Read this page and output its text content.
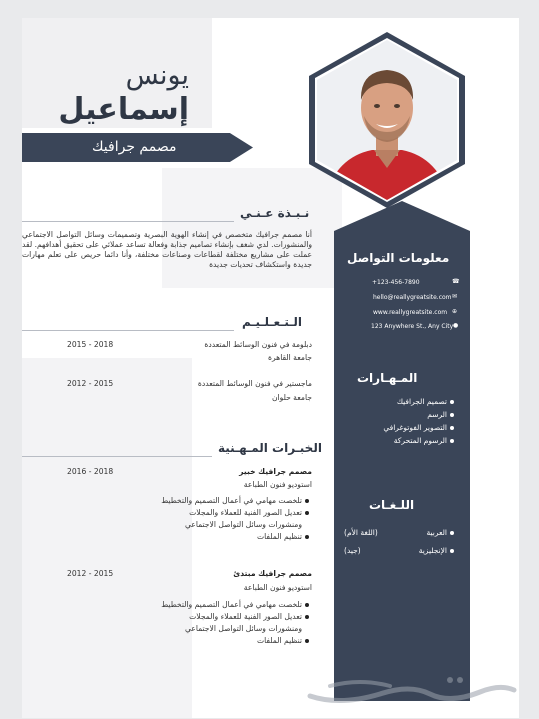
يونس
إسماعيل
مصمم جرافيك
معلومات التواصل
+123-456-7890	☎
hello@reallygreatsite.com ✉
www.reallygreatsite.com ⊕
123 Anywhere St., Any City ●
المـهـارات
تصميم الجرافيك
الرسم
التصوير الفوتوغرافي
الرسوم المتحركة
اللـغـات
العربية
(اللغة الأم)
الإنجليزية
(جيد)
نـبـذة عـنـي
أنا مصمم جرافيك متخصص في إنشاء الهوية البصرية وتصميمات وسائل التواصل الاجتماعي والمنشورات. لدي شغف بإنشاء تصاميم جذابة وفعالة تساعد عملائي على تحقيق أهدافهم. لقد عملت على مشاريع مختلفة لقطاعات وصناعات مختلفة، وأنا دائما حريص على تعلم مهارات جديدة واستكشاف تحديات جديدة
الـتـعـلـيـم
دبلومة في فنون الوسائط المتعددة
جامعة القاهرة
2015 - 2018
ماجستير في فنون الوسائط المتعددة
جامعة حلوان
2012 - 2015
الخبـرات المـهـنية
مصمم جرافيك خبير
استوديو فنون الطباعة
2016 - 2018
تلخصت مهامي في أعمال التصميم والتخطيط
تعديل الصور الفنية للعملاء والمجلات
ومنشورات وسائل التواصل الاجتماعي
تنظيم الملفات
مصمم جرافيك مبتدئ
استوديو فنون الطباعة
2012 - 2015
تلخصت مهامي في أعمال التصميم والتخطيط
تعديل الصور الفنية للعملاء والمجلات
ومنشورات وسائل التواصل الاجتماعي
تنظيم الملفات
